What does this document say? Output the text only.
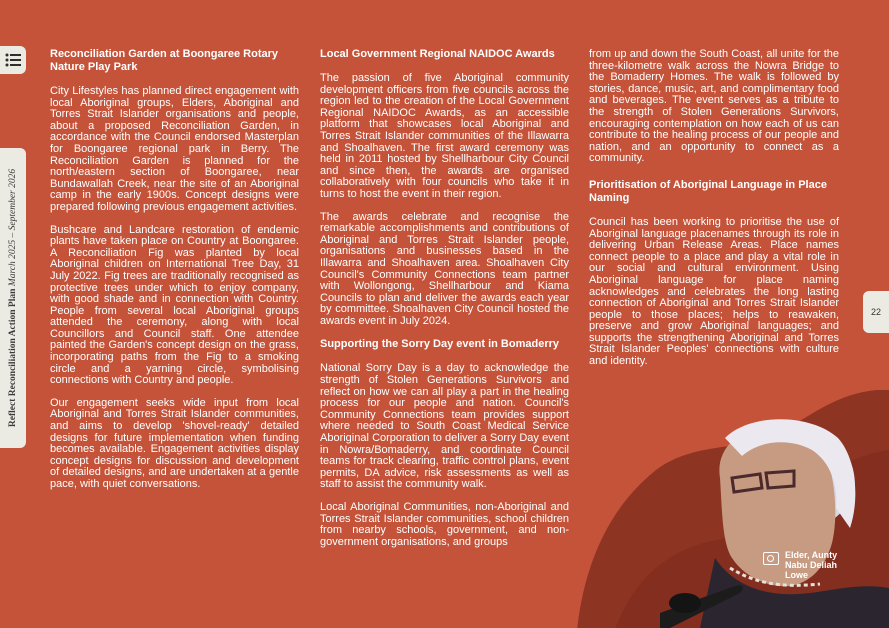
Reflect Reconciliation Action Plan March 2025 – September 2026
22
Elder, Aunty Nabu Deliah Lowe
Reconciliation Garden at Boongaree Rotary Nature Play Park

City Lifestyles has planned direct engagement with local Aboriginal groups, Elders, Aboriginal and Torres Strait Islander organisations and people, about a proposed Reconciliation Garden, in accordance with the Council endorsed Masterplan for Boongaree regional park in Berry. The Reconciliation Garden is planned for the north/eastern section of Boongaree, near Bundawallah Creek, near the site of an Aboriginal camp in the early 1900s. Concept designs were prepared following previous engagement activities.

Bushcare and Landcare restoration of endemic plants have taken place on Country at Boongaree. A Reconciliation Fig was planted by local Aboriginal children on International Tree Day, 31 July 2022. Fig trees are traditionally recognised as protective trees under which to enjoy company, with good shade and in connection with Country. People from several local Aboriginal groups attended the ceremony, along with local Councillors and Council staff. One attendee painted the Garden's concept design on the grass, incorporating paths from the Fig to a smoking circle and a yarning circle, symbolising connections with Country and people.

Our engagement seeks wide input from local Aboriginal and Torres Strait Islander communities, and aims to develop 'shovel-ready' detailed designs for future implementation when funding becomes available. Engagement activities display concept designs for discussion and development of detailed designs, and are undertaken at a gentle pace, with quiet conversations.

Local Government Regional NAIDOC Awards

The passion of five Aboriginal community development officers from five councils across the region led to the creation of the Local Government Regional NAIDOC Awards, as an accessible platform that showcases local Aboriginal and Torres Strait Islander communities of the Illawarra and Shoalhaven. The first award ceremony was held in 2011 hosted by Shellharbour City Council and since then, the awards are organised collaboratively with four councils who take it in turns to host the event in their region.

The awards celebrate and recognise the remarkable accomplishments and contributions of Aboriginal and Torres Strait Islander people, organisations and businesses based in the Illawarra and Shoalhaven area. Shoalhaven City Council's Community Connections team partner with Wollongong, Shellharbour and Kiama Councils to plan and deliver the awards each year by committee. Shoalhaven City Council hosted the awards event in July 2024.

Supporting the Sorry Day event in Bomaderry

National Sorry Day is a day to acknowledge the strength of Stolen Generations Survivors and reflect on how we can all play a part in the healing process for our people and nation. Council's Community Connections team provides support where needed to South Coast Medical Service Aboriginal Corporation to deliver a Sorry Day event in Nowra/Bomaderry, and coordinate Council teams for track clearing, traffic control plans, event permits, DA advice, risk assessments as well as staff to assist the community walk.

Local Aboriginal Communities, non-Aboriginal and Torres Strait Islander communities, school children from nearby schools, government, and non-government organisations, and groups

from up and down the South Coast, all unite for the three-kilometre walk across the Nowra Bridge to the Bomaderry Homes. The walk is followed by stories, dance, music, art, and complimentary food and beverages. The event serves as a tribute to the strength of Stolen Generations Survivors, encouraging contemplation on how each of us can contribute to the healing process of our people and nation, and an opportunity to connect as a community.

Prioritisation of Aboriginal Language in Place Naming

Council has been working to prioritise the use of Aboriginal language placenames through its role in delivering Urban Release Areas. Place names connect people to a place and play a vital role in our social and cultural environment. Using Aboriginal language for place naming acknowledges and celebrates the long lasting connection of Aboriginal and Torres Strait Islander people to those places; helps to reawaken, preserve and grow Aboriginal languages; and supports the strengthening Aboriginal and Torres Strait Islander Peoples' connections with culture and identity.
